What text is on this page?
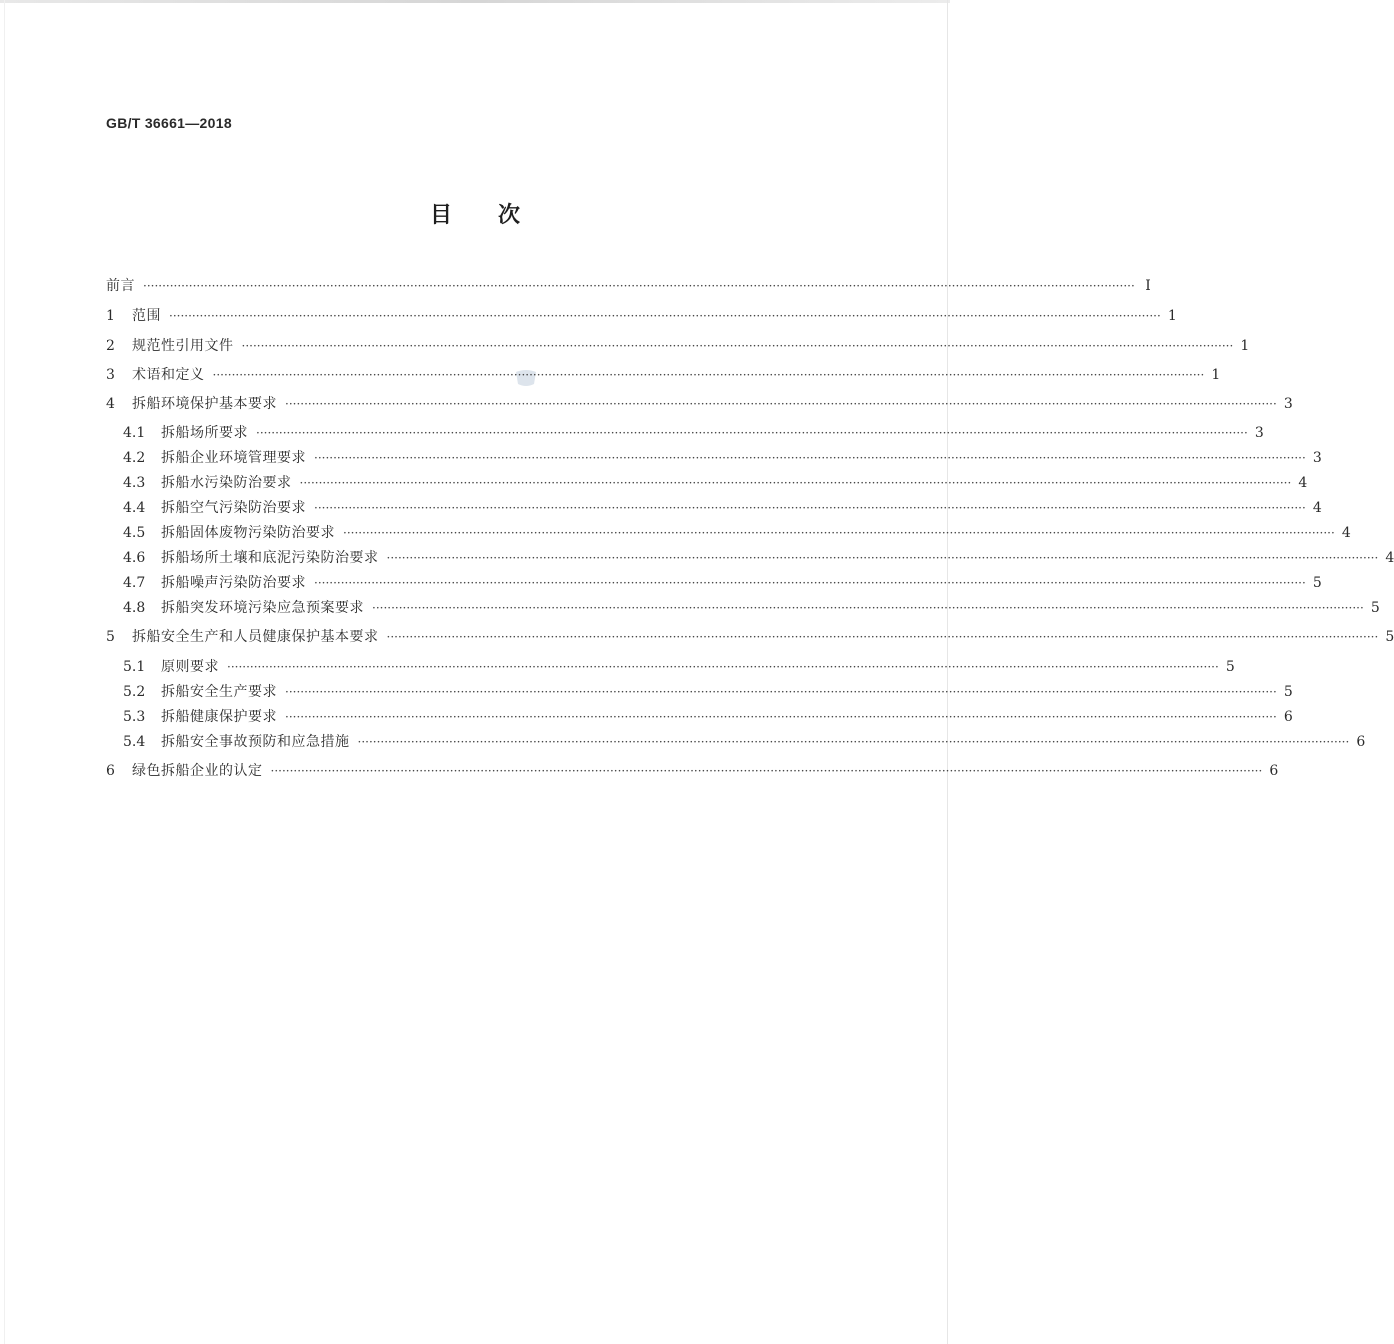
GB/T 36661—2018
目次
前言 ···································································································································································································································································· Ⅰ
1	范围 ···································································································································································································································································· 1
2	规范性引用文件 ···································································································································································································································································· 1
3	术语和定义 ···································································································································································································································································· 1
4	拆船环境保护基本要求 ···································································································································································································································································· 3
4.1	拆船场所要求 ···································································································································································································································································· 3
4.2	拆船企业环境管理要求 ···································································································································································································································································· 3
4.3	拆船水污染防治要求 ···································································································································································································································································· 4
4.4	拆船空气污染防治要求 ···································································································································································································································································· 4
4.5	拆船固体废物污染防治要求 ···································································································································································································································································· 4
4.6	拆船场所土壤和底泥污染防治要求 ···································································································································································································································································· 4
4.7	拆船噪声污染防治要求 ···································································································································································································································································· 5
4.8	拆船突发环境污染应急预案要求 ···································································································································································································································································· 5
5	拆船安全生产和人员健康保护基本要求 ···································································································································································································································································· 5
5.1	原则要求 ···································································································································································································································································· 5
5.2	拆船安全生产要求 ···································································································································································································································································· 5
5.3	拆船健康保护要求 ···································································································································································································································································· 6
5.4	拆船安全事故预防和应急措施 ···································································································································································································································································· 6
6	绿色拆船企业的认定 ···································································································································································································································································· 6
